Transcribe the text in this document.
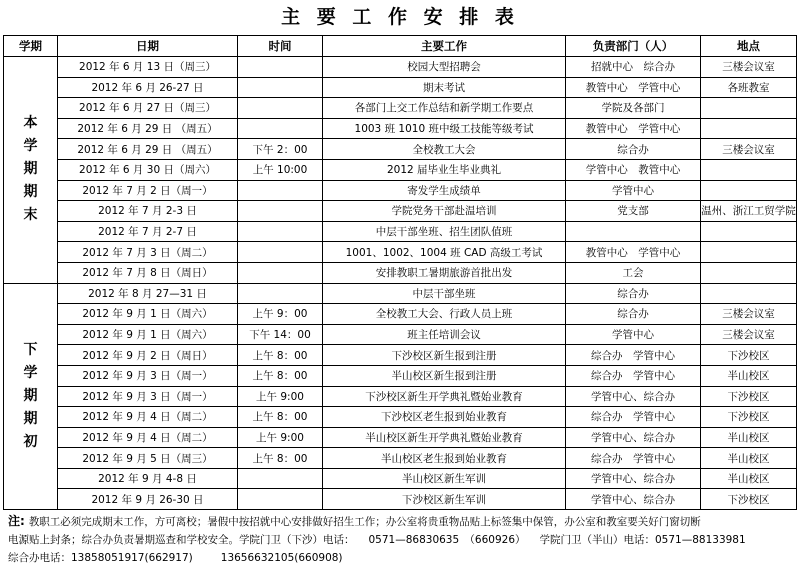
主 要 工 作 安 排 表
学期	日期	时间	主要工作	负责部门（人）	地点

本
学
期
期
末	2012 年 6 月 13 日（周三）		校园大型招聘会	招就中心　综合办	三楼会议室
	2012 年 6 月 26-27 日		期末考试	教管中心　学管中心	各班教室
	2012 年 6 月 27 日（周三）		各部门上交工作总结和新学期工作要点	学院及各部门	
	2012 年 6 月 29 日 （周五）		1003 班 1010 班中级工技能等级考试	教管中心　学管中心	
	2012 年 6 月 29 日 （周五）	下午 2：00	全校教工大会	综合办	三楼会议室
	2012 年 6 月 30 日（周六）	上午 10:00	2012 届毕业生毕业典礼	学管中心　教管中心	
	2012 年 7 月 2 日（周一）		寄发学生成绩单	学管中心	
	2012 年 7 月 2-3 日		学院党务干部赴温培训	党支部	温州、浙江工贸学院
	2012 年 7 月 2-7 日		中层干部坐班、招生团队值班		
	2012 年 7 月 3 日（周二）		1001、1002、1004 班 CAD 高级工考试	教管中心　学管中心	
	2012 年 7 月 8 日（周日）		安排教职工暑期旅游首批出发	工会	

下
学
期
期
初	2012 年 8 月 27—31 日		中层干部坐班	综合办	
	2012 年 9 月 1 日（周六）	上午 9：00	全校教工大会、行政人员上班	综合办	三楼会议室
	2012 年 9 月 1 日（周六）	下午 14：00	班主任培训会议	学管中心	三楼会议室
	2012 年 9 月 2 日（周日）	上午 8：00	下沙校区新生报到注册	综合办　学管中心	下沙校区
	2012 年 9 月 3 日（周一）	上午 8：00	半山校区新生报到注册	综合办　学管中心	半山校区
	2012 年 9 月 3 日（周一）	上午 9:00	下沙校区新生开学典礼暨始业教育	学管中心、综合办	下沙校区
	2012 年 9 月 4 日（周二）	上午 8：00	下沙校区老生报到始业教育	综合办　学管中心	下沙校区
	2012 年 9 月 4 日（周二）	上午 9:00	半山校区新生开学典礼暨始业教育	学管中心、综合办	半山校区
	2012 年 9 月 5 日（周三）	上午 8：00	半山校区老生报到始业教育	综合办　学管中心	半山校区
	2012 年 9 月 4-8 日		半山校区新生军训	学管中心、综合办	半山校区
	2012 年 9 月 26-30 日		下沙校区新生军训	学管中心、综合办	下沙校区
注: 教职工必须完成期末工作，方可离校；暑假中按招就中心安排做好招生工作；办公室将贵重物品贴上标签集中保管，办公室和教室要关好门窗切断
电源贴上封条；综合办负责暑期巡查和学校安全。学院门卫（下沙）电话： 0571—86830635　（660926） 学院门卫（半山）电话：0571—88133981
综合办电话：13858051917(662917)	13656632105(660908)
